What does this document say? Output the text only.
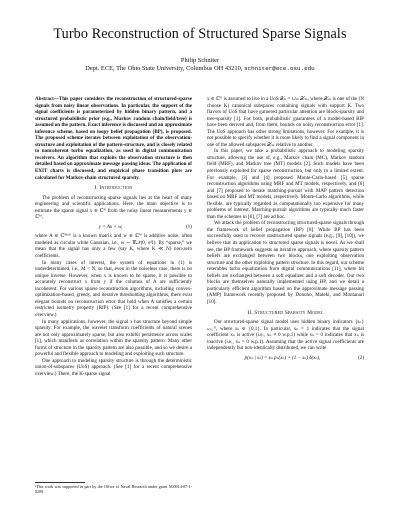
Turbo Reconstruction of Structured Sparse Signals
Philip Schniter
Dept. ECE, The Ohio State University, Columbus OH 43210, schniter@ece.osu.edu

Abstract—This paper considers the reconstruction of structured-sparse signals from noisy linear observations. In particular, the support of the signal coefficients is parameterized by hidden binary pattern, and a structured probabilistic prior (e.g., Markov random chain/field/tree) is assumed on the pattern. Exact inference is discussed and an approximate inference scheme, based on loopy belief propagation (BP), is proposed. The proposed scheme iterates between exploitation of the observation-structure and exploitation of the pattern-structure, and is closely related to noncoherent turbo equalization, as used in digital communication receivers. An algorithm that exploits the observation structure is then detailed based on approximate message passing ideas. The application of EXIT charts is discussed, and empirical phase transition plots are calculated for Markov-chain structured sparsity.

I. Introduction

The problem of reconstructing sparse signals lies at the heart of many engineering and scientific applications. Here, the main objective is to estimate the sparse signal x ∈ ℂᴺ from the noisy linear measurements y ∈ ℂᴹ,

y = Ax + w,	(1)

where A ∈ ℂᴹˣᴺ is a known matrix and w ∈ ℂᴹ is additive noise, often modeled as circular white Gaussian, i.e., w ∼ 𝒞𝒩(0, σ²I). By “sparse,” we mean that the signal has only a few (say K, where K ≪ N) non-zero coefficients.

In many cases of interest, the system of equations in (1) is underdetermined, i.e., M < N, so that, even in the noiseless case, there is no unique inverse. However, when x is known to be sparse, it is possible to accurately reconstruct x from y if the columns of A are sufficiently incoherent. For various sparse reconstruction algorithms, including convex-optimization-based, greedy, and iterative thresholding algorithms, there exist elegant bounds on reconstruction error that hold when A satisfies a certain restricted isometry property (RIP). (See [1] for a recent comprehensive overview.)

In many applications, however, the signal x has structure beyond simple sparsity. For example, the wavelet transform coefficients of natural scenes are not only approximately sparse, but also exhibit persistence across scales [1], which manifests as correlation within the sparsity pattern. Many other forms of structure in the sparsity pattern are also possible, and so we desire a powerful and flexible approach to modeling and exploiting such structure.

One approach to modeling sparsity structure is through the deterministic union-of-subspaces (UoS) approach. (See [1] for a recent comprehensive overview.) There, the K-sparse signal

x ∈ ℂᴺ is assumed to live in a UoS 𝒳ₖ = ∪ₘ 𝒳ₘ, where 𝒳ₘ is one of the (N choose K) canonical subspaces containing signals with support K. Two flavors of UoS that have garnered particular attention are block-sparsity and tree-sparsity [1]. For both, probabilistic guarantees of a model-based RIP have been derived and, from them, bounds on noisy reconstruction error [1]. The UoS approach has other strong limitations, however. For example, it is not possible to specify whether it is more likely to find a signal component in one of the allowed subspaces 𝒳ₘ relative to another.

In this paper, we take a probabilistic approach to modeling sparsity structure, allowing the use of, e.g., Markov chain (MC), Markov random field (MRF), and Markov tree (MT) models [2]. Such models have been previously exploited for sparse reconstruction, but only to a limited extent. For example, [3] and [4] proposed Monte-Carlo-based [5] sparse reconstruction algorithms using MRF and MT models, respectively, and [6] and [7] proposed to iterate matching-pursuit with MAP pattern detection based on MRF and MT models, respectively. Monte-Carlo algorithms, while flexible, are typically regarded as computationally too expensive for many problems of interest. Matching-pursuit algorithms are typically much faster than the schemes in [6], [7] are ad hoc.

We attack the problem of reconstructing structured-sparse signals through the framework of belief propagation (BP) [8]. While BP has been successfully used to recover unstructured sparse signals (e.g., [9], [10]), we believe that its application to structured sparse signals is novel. As we shall see, the BP framework suggests an iterative approach, where sparsity pattern beliefs are exchanged between two blocks, one exploiting observation structure and the other exploiting pattern structure. In this regard, our scheme resembles turbo equalization from digital communications [11], where bit beliefs are exchanged between a soft equalizer and a soft decoder. Our two blocks are themselves naturally implemented using BP, and we detail a particularly efficient algorithm based on the approximate message passing (AMP) framework recently proposed by Donoho, Maleki, and Montanari [10].

II. Structured Sparsity Model

Our structured-sparse signal model uses hidden binary indicators {sₙ}ₙ₌₁ᴺ, where sₙ ∈ {0,1}. In particular, sₙ = 1 indicates that the signal coefficient xₙ is active (i.e., xₙ ≠ 0 w.p.1) while sₙ = 0 indicates that xₙ is inactive (i.e., xₙ = 0 w.p.1). Assuming that the active signal coefficients are independently but non-identically distributed, we can write

p(xₙ | sₙ) = sₙ pₙ(xₙ) + (1 − sₙ) δ(xₙ),	(2)
¹This work was supported in part by the Office of Naval Research under grant N00014-07-1-0209.
